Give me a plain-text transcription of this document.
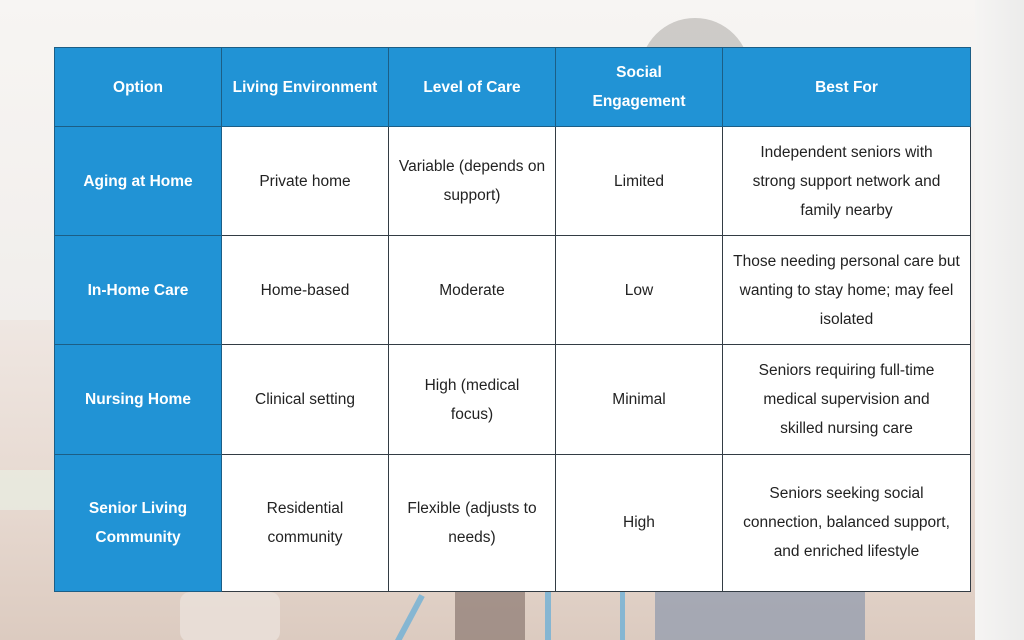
Option	Living Environment	Level of Care	Social Engagement	Best For
Aging at Home	Private home	Variable (depends on support)	Limited	Independent seniors with strong support network and family nearby
In-Home Care	Home-based	Moderate	Low	Those needing personal care but wanting to stay home; may feel isolated
Nursing Home	Clinical setting	High (medical focus)	Minimal	Seniors requiring full-time medical supervision and skilled nursing care
Senior Living Community	Residential community	Flexible (adjusts to needs)	High	Seniors seeking social connection, balanced support, and enriched lifestyle
